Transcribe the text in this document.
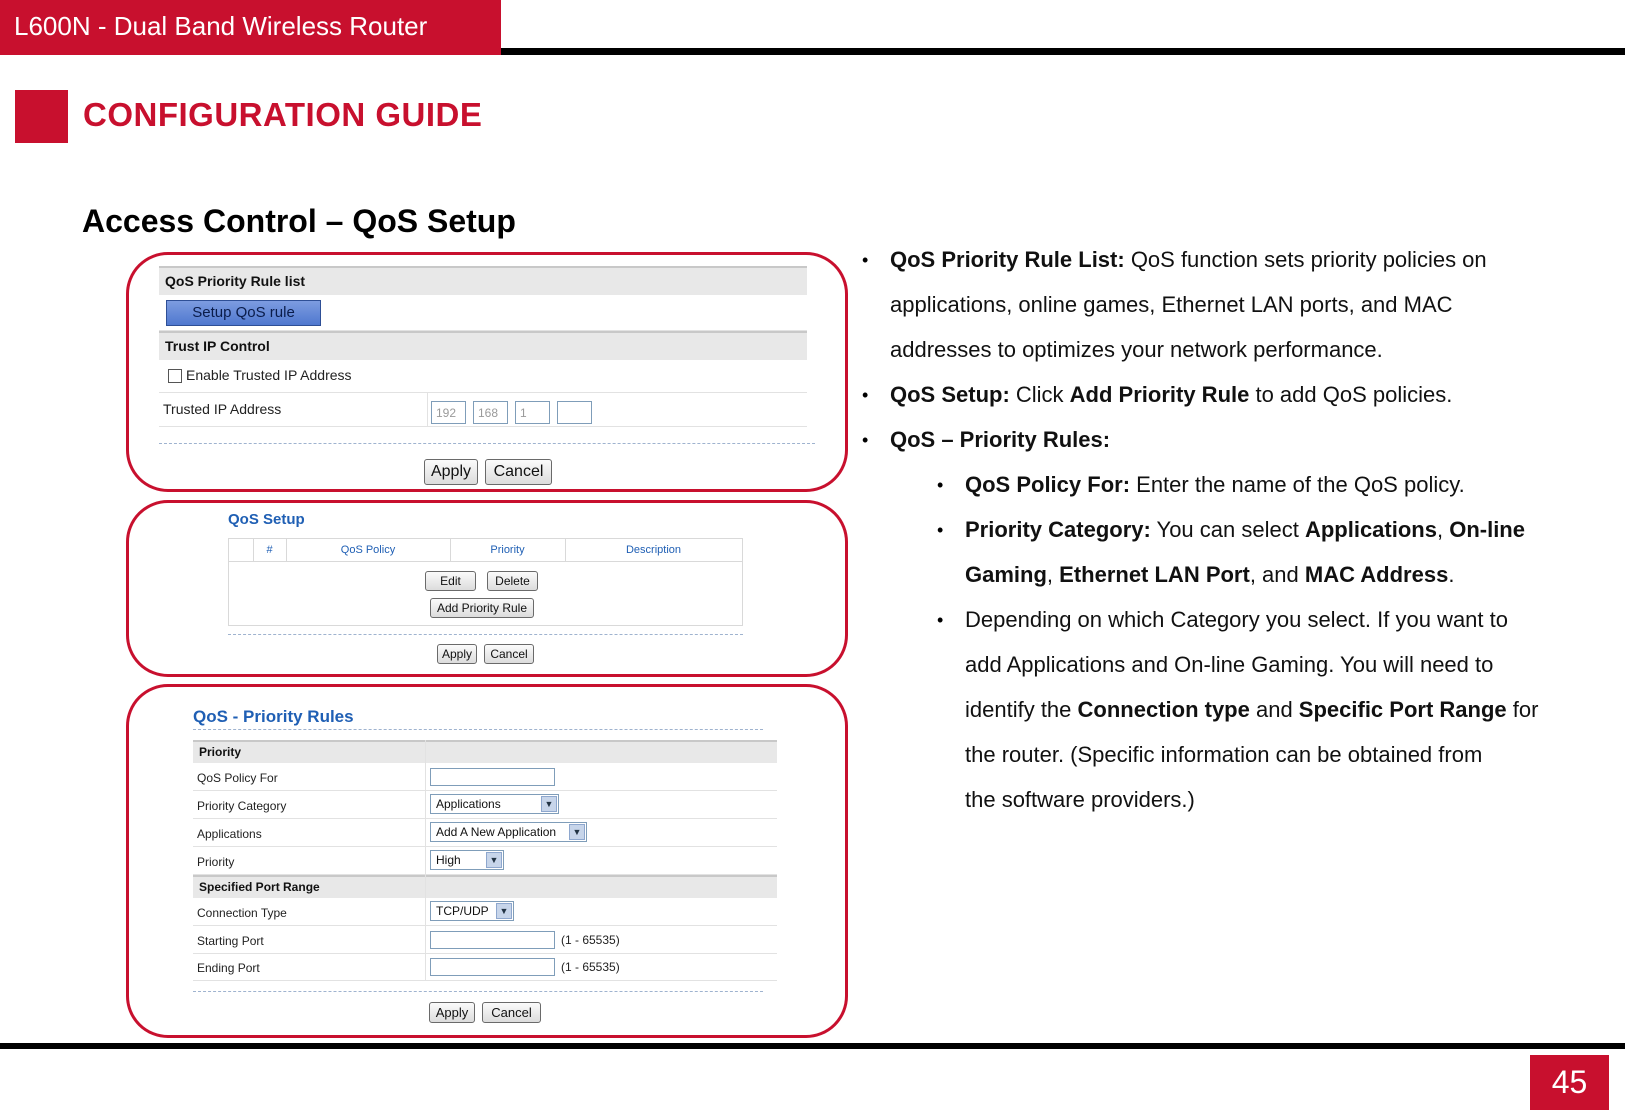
L600N - Dual Band Wireless Router
CONFIGURATION GUIDE
Access Control – QoS Setup
QoS Priority Rule list
Setup QoS rule
Trust IP Control
Enable Trusted IP Address
Trusted IP Address	192	168	1
Apply	Cancel
QoS Setup
#	QoS Policy	Priority	Description
Edit	Delete
Add Priority Rule
Apply	Cancel
QoS - Priority Rules
Priority
QoS Policy For
Priority Category	Applications	▼
Applications	Add A New Application	▼
Priority	High	▼
Specified Port Range
Connection Type	TCP/UDP	▼
Starting Port	(1 - 65535)
Ending Port	(1 - 65535)
Apply	Cancel
• QoS Priority Rule List: QoS function sets priority policies on
applications, online games, Ethernet LAN ports, and MAC
addresses to optimizes your network performance.
• QoS Setup: Click Add Priority Rule to add QoS policies.
• QoS – Priority Rules:
• QoS Policy For: Enter the name of the QoS policy.
• Priority Category: You can select Applications, On-line
Gaming, Ethernet LAN Port, and MAC Address.
• Depending on which Category you select. If you want to
add Applications and On-line Gaming. You will need to
identify the Connection type and Specific Port Range for
the router. (Specific information can be obtained from
the software providers.)
45
